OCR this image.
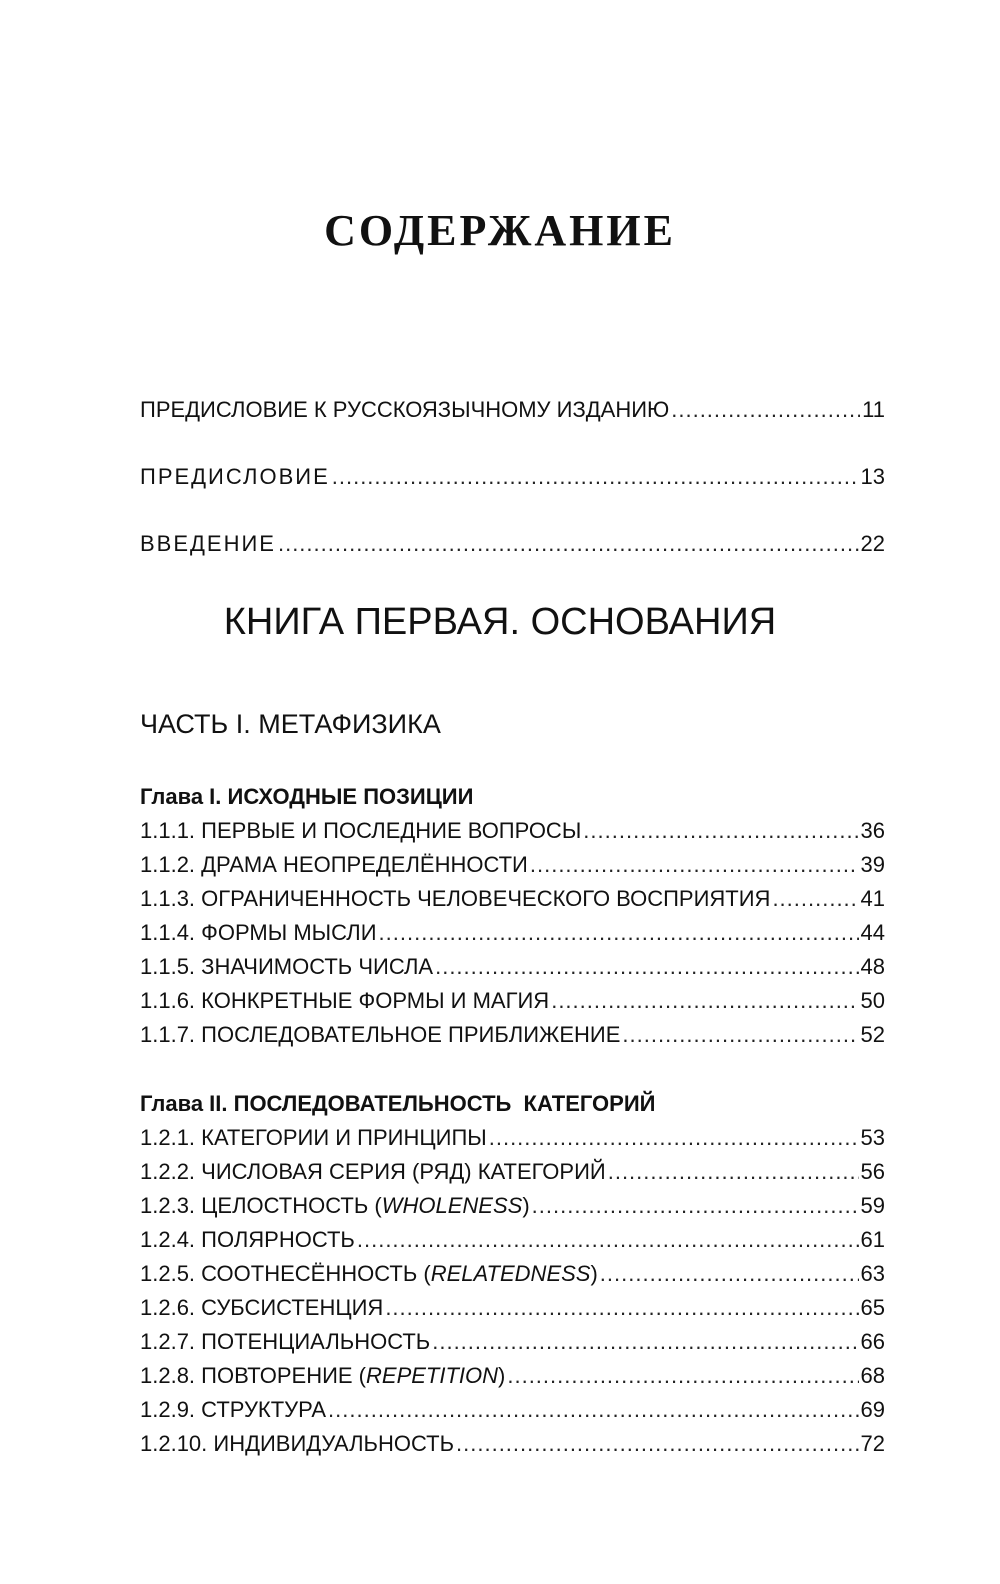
СОДЕРЖАНИЕ
ПРЕДИСЛОВИЕ К РУССКОЯЗЫЧНОМУ ИЗДАНИЮ .....	11
ПРЕДИСЛОВИЕ .....	13
ВВЕДЕНИЕ .....	22
КНИГА ПЕРВАЯ. ОСНОВАНИЯ
ЧАСТЬ I. МЕТАФИЗИКА
Глава I. ИСХОДНЫЕ ПОЗИЦИИ
1.1.1. ПЕРВЫЕ И ПОСЛЕДНИЕ ВОПРОСЫ .....	36
1.1.2. ДРАМА НЕОПРЕДЕЛЁННОСТИ .....	39
1.1.3. ОГРАНИЧЕННОСТЬ ЧЕЛОВЕЧЕСКОГО ВОСПРИЯТИЯ .....	41
1.1.4. ФОРМЫ МЫСЛИ .....	44
1.1.5. ЗНАЧИМОСТЬ ЧИСЛА .....	48
1.1.6. КОНКРЕТНЫЕ ФОРМЫ И МАГИЯ .....	50
1.1.7. ПОСЛЕДОВАТЕЛЬНОЕ ПРИБЛИЖЕНИЕ .....	52
Глава II. ПОСЛЕДОВАТЕЛЬНОСТЬ  КАТЕГОРИЙ
1.2.1. КАТЕГОРИИ И ПРИНЦИПЫ .....	53
1.2.2. ЧИСЛОВАЯ СЕРИЯ (РЯД) КАТЕГОРИЙ .....	56
1.2.3. ЦЕЛОСТНОСТЬ (WHOLENESS) .....	59
1.2.4. ПОЛЯРНОСТЬ .....	61
1.2.5. СООТНЕСЁННОСТЬ (RELATEDNESS) .....	63
1.2.6. СУБСИСТЕНЦИЯ .....	65
1.2.7. ПОТЕНЦИАЛЬНОСТЬ .....	66
1.2.8. ПОВТОРЕНИЕ (REPETITION) .....	68
1.2.9. СТРУКТУРА .....	69
1.2.10. ИНДИВИДУАЛЬНОСТЬ .....	72
